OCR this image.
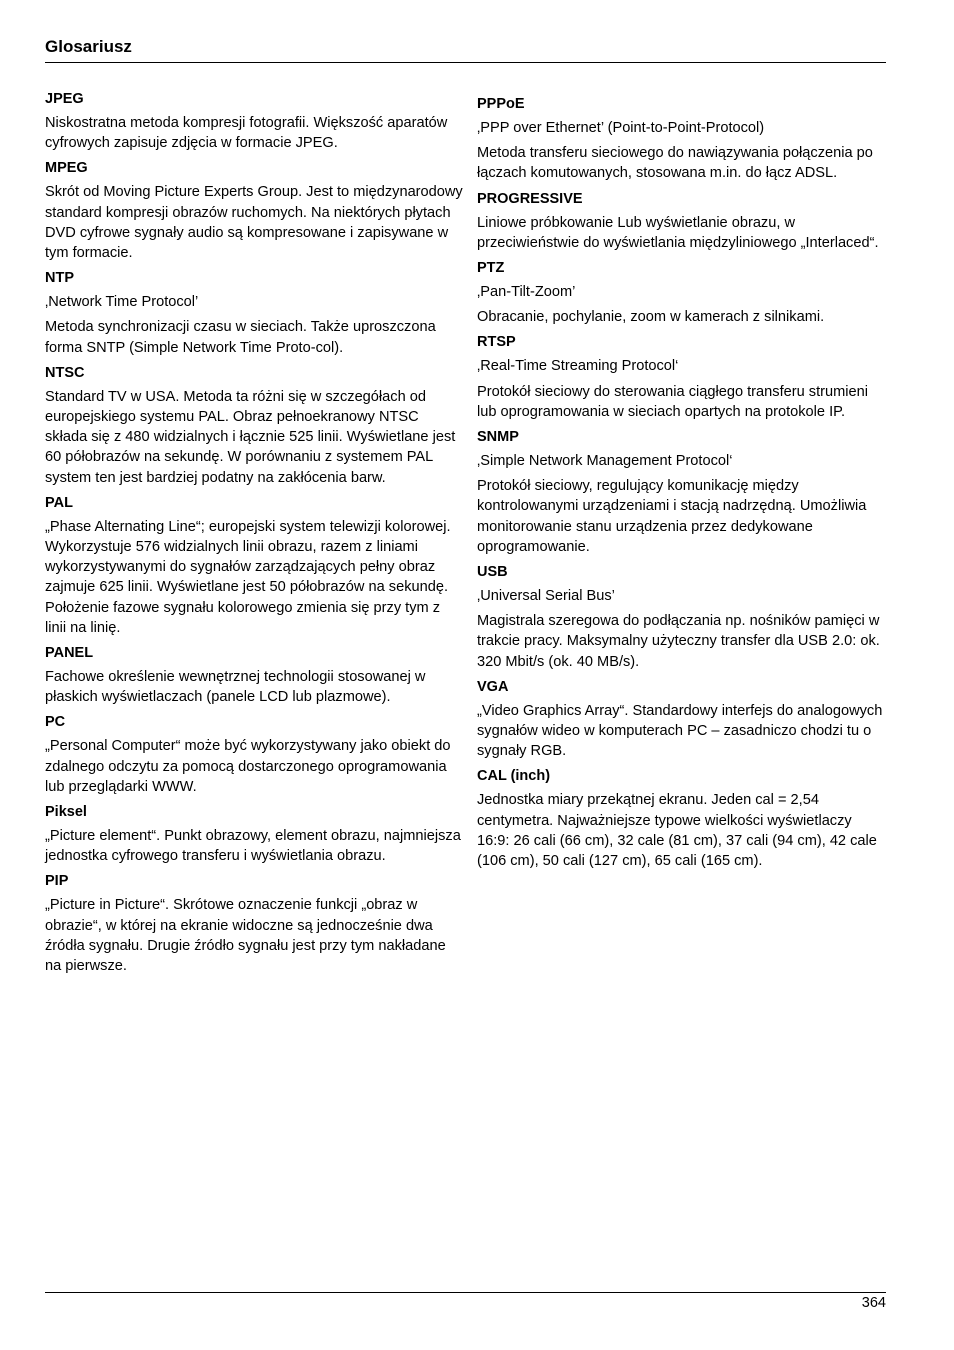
Glosariusz
JPEG
Niskostratna metoda kompresji fotografii. Większość aparatów cyfrowych zapisuje zdjęcia w formacie JPEG.
MPEG
Skrót od Moving Picture Experts Group. Jest to międzynarodowy standard kompresji obrazów ruchomych. Na niektórych płytach DVD cyfrowe sygnały audio są kompresowane i zapisywane w tym formacie.
NTP
‚Network Time Protocol’
Metoda synchronizacji czasu w sieciach. Także uproszczona forma SNTP (Simple Network Time Proto-col).
NTSC
Standard TV w USA. Metoda ta różni się w szczegółach od europejskiego systemu PAL. Obraz pełnoekranowy NTSC składa się z 480 widzialnych i łącznie 525 linii. Wyświetlane jest 60 półobrazów na sekundę. W porównaniu z systemem PAL system ten jest bardziej podatny na zakłócenia barw.
PAL
„Phase Alternating Line“; europejski system telewizji kolorowej. Wykorzystuje 576 widzialnych linii obrazu, razem z liniami wykorzystywanymi do sygnałów zarządzających pełny obraz zajmuje 625 linii. Wyświetlane jest 50 półobrazów na sekundę. Położenie fazowe sygnału kolorowego zmienia się przy tym z linii na linię.
PANEL
Fachowe określenie wewnętrznej technologii stosowanej w płaskich wyświetlaczach (panele LCD lub plazmowe).
PC
„Personal Computer“ może być wykorzystywany jako obiekt do zdalnego odczytu za pomocą dostarczonego oprogramowania lub przeglądarki WWW.
Piksel
„Picture element“. Punkt obrazowy, element obrazu, najmniejsza jednostka cyfrowego transferu i wyświetlania obrazu.
PIP
„Picture in Picture“. Skrótowe oznaczenie funkcji „obraz w obrazie“, w której na ekranie widoczne są jednocześnie dwa źródła sygnału. Drugie źródło sygnału jest przy tym nakładane na pierwsze.
PPPoE
‚PPP over Ethernet’ (Point-to-Point-Protocol)
Metoda transferu sieciowego do nawiązywania połączenia po łączach komutowanych, stosowana m.in. do łącz ADSL.
PROGRESSIVE
Liniowe próbkowanie Lub wyświetlanie obrazu, w przeciwieństwie do wyświetlania międzyliniowego „Interlaced“.
PTZ
‚Pan-Tilt-Zoom’
Obracanie, pochylanie, zoom w kamerach z silnikami.
RTSP
‚Real-Time Streaming Protocol‘
Protokół sieciowy do sterowania ciągłego transferu strumieni lub oprogramowania w sieciach opartych na protokole IP.
SNMP
‚Simple Network Management Protocol‘
Protokół sieciowy, regulujący komunikację między kontrolowanymi urządzeniami i stacją nadrzędną. Umożliwia monitorowanie stanu urządzenia przez dedykowane oprogramowanie.
USB
‚Universal Serial Bus’
Magistrala szeregowa do podłączania np. nośników pamięci w trakcie pracy. Maksymalny użyteczny transfer dla USB 2.0: ok. 320 Mbit/s (ok. 40 MB/s).
VGA
„Video Graphics Array“. Standardowy interfejs do analogowych sygnałów wideo w komputerach PC – zasadniczo chodzi tu o sygnały RGB.
CAL (inch)
Jednostka miary przekątnej ekranu. Jeden cal = 2,54 centymetra. Najważniejsze typowe wielkości wyświetlaczy 16:9: 26 cali (66 cm), 32 cale (81 cm), 37 cali (94 cm), 42 cale (106 cm), 50 cali (127 cm), 65 cali (165 cm).
364
